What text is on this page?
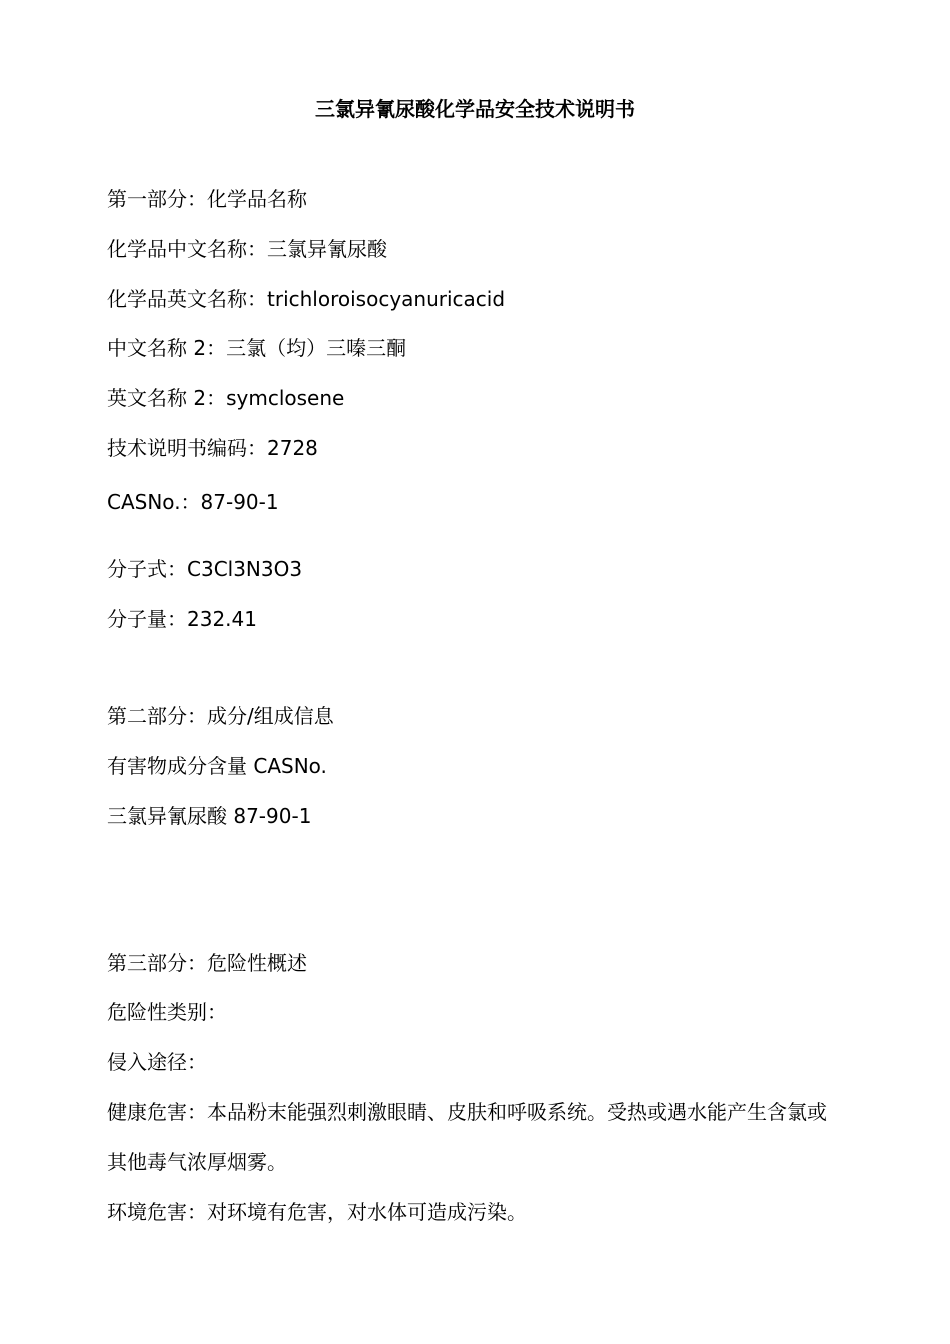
三氯异氰尿酸化学品安全技术说明书
第一部分：化学品名称
化学品中文名称：三氯异氰尿酸
化学品英文名称：trichloroisocyanuricacid
中文名称 2：三氯（均）三嗪三酮
英文名称 2：symclosene
技术说明书编码：2728
CASNo.：87-90-1
分子式：C3Cl3N3O3
分子量：232.41
第二部分：成分/组成信息
有害物成分含量 CASNo.
三氯异氰尿酸 87-90-1
第三部分：危险性概述
危险性类别：
侵入途径：
健康危害：本品粉末能强烈刺激眼睛、皮肤和呼吸系统。受热或遇水能产生含氯或
其他毒气浓厚烟雾。
环境危害：对环境有危害，对水体可造成污染。
